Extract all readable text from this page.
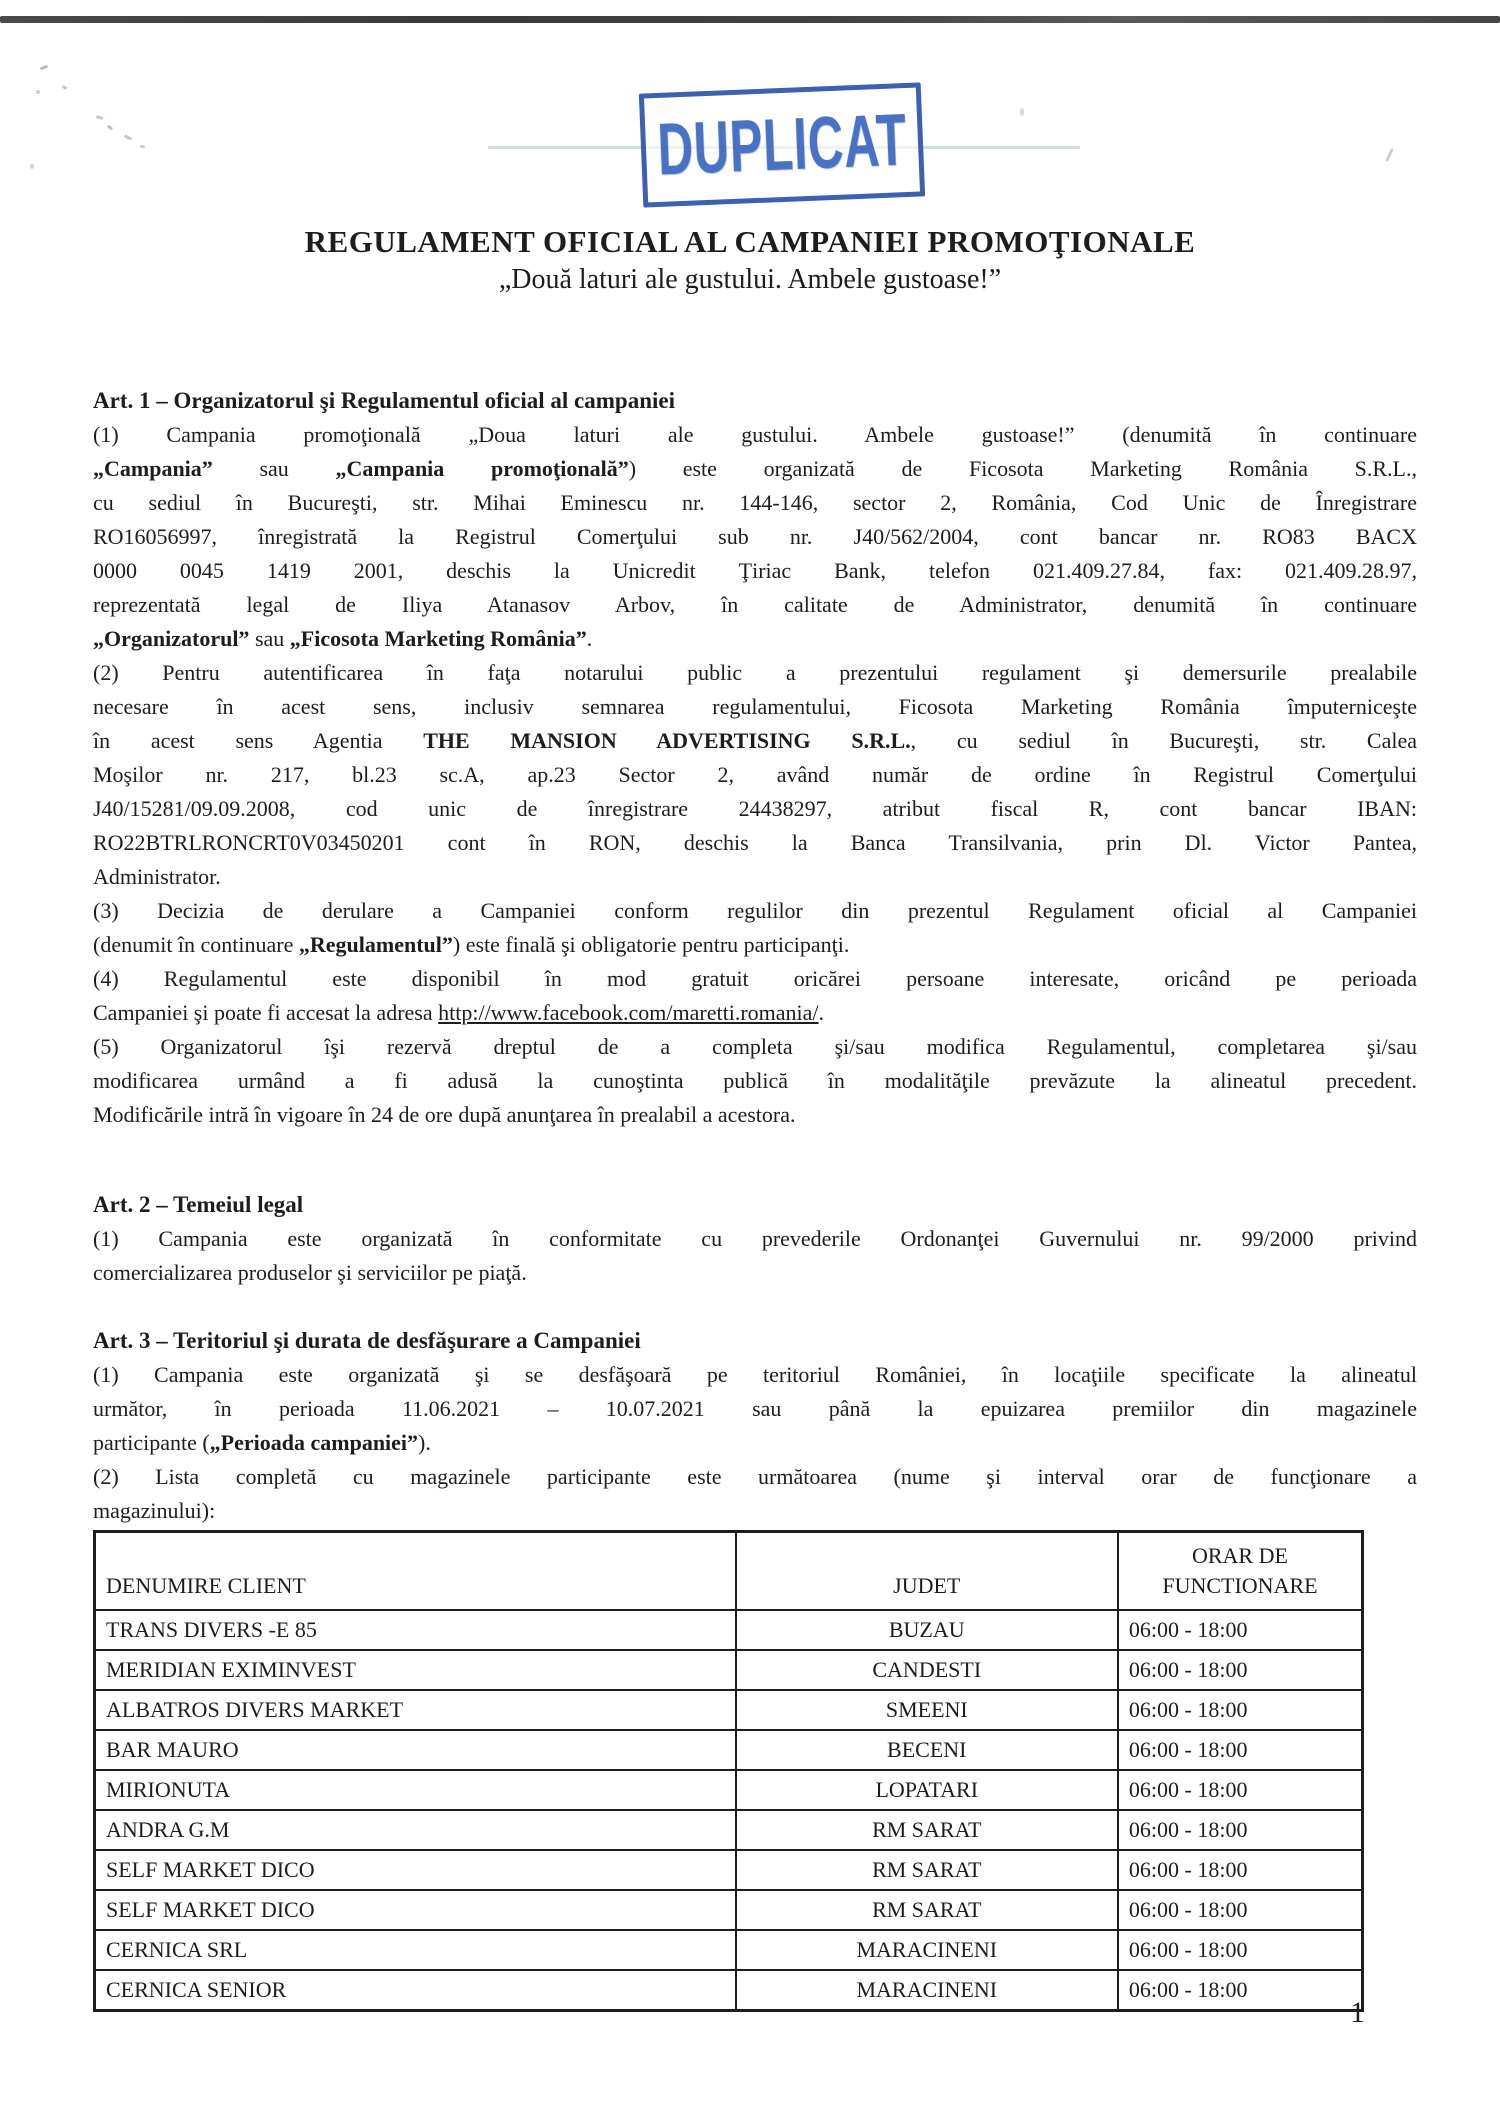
DUPLICAT
REGULAMENT OFICIAL AL CAMPANIEI PROMOŢIONALE
„Două laturi ale gustului. Ambele gustoase!”
Art. 1 – Organizatorul şi Regulamentul oficial al campaniei
(1) Campania promoţională „Doua laturi ale gustului. Ambele gustoase!” (denumită în continuare
„Campania” sau „Campania promoţională”) este organizată de Ficosota Marketing România S.R.L.,
cu sediul în Bucureşti, str. Mihai Eminescu nr. 144-146, sector 2, România, Cod Unic de Înregistrare
RO16056997, înregistrată la Registrul Comerţului sub nr. J40/562/2004, cont bancar nr. RO83 BACX
0000 0045 1419 2001, deschis la Unicredit Ţiriac Bank, telefon 021.409.27.84, fax: 021.409.28.97,
reprezentată legal de Iliya Atanasov Arbov, în calitate de Administrator, denumită în continuare
„Organizatorul” sau „Ficosota Marketing România”.
(2) Pentru autentificarea în faţa notarului public a prezentului regulament şi demersurile prealabile
necesare în acest sens, inclusiv semnarea regulamentului, Ficosota Marketing România împuterniceşte
în acest sens Agentia THE MANSION ADVERTISING S.R.L., cu sediul în Bucureşti, str. Calea
Moşilor nr. 217, bl.23 sc.A, ap.23 Sector 2, având număr de ordine în Registrul Comerţului
J40/15281/09.09.2008, cod unic de înregistrare 24438297, atribut fiscal R, cont bancar IBAN:
RO22BTRLRONCRT0V03450201 cont în RON, deschis la Banca Transilvania, prin Dl. Victor Pantea,
Administrator.
(3) Decizia de derulare a Campaniei conform regulilor din prezentul Regulament oficial al Campaniei
(denumit în continuare „Regulamentul”) este finală şi obligatorie pentru participanţi.
(4) Regulamentul este disponibil în mod gratuit oricărei persoane interesate, oricând pe perioada
Campaniei şi poate fi accesat la adresa http://www.facebook.com/maretti.romania/.
(5) Organizatorul îşi rezervă dreptul de a completa şi/sau modifica Regulamentul, completarea şi/sau
modificarea urmând a fi adusă la cunoştinta publică în modalităţile prevăzute la alineatul precedent.
Modificările intră în vigoare în 24 de ore după anunţarea în prealabil a acestora.
Art. 2 – Temeiul legal
(1) Campania este organizată în conformitate cu prevederile Ordonanţei Guvernului nr. 99/2000 privind
comercializarea produselor şi serviciilor pe piaţă.
Art. 3 – Teritoriul şi durata de desfăşurare a Campaniei
(1) Campania este organizată şi se desfăşoară pe teritoriul României, în locaţiile specificate la alineatul
următor, în perioada 11.06.2021 – 10.07.2021 sau până la epuizarea premiilor din magazinele
participante („Perioada campaniei”).
(2) Lista completă cu magazinele participante este următoarea (nume şi interval orar de funcţionare a
magazinului):
DENUMIRE CLIENT	JUDET	ORAR DE
FUNCTIONARE
TRANS DIVERS -E 85	BUZAU	06:00 - 18:00
MERIDIAN EXIMINVEST	CANDESTI	06:00 - 18:00
ALBATROS DIVERS MARKET	SMEENI	06:00 - 18:00
BAR MAURO	BECENI	06:00 - 18:00
MIRIONUTA	LOPATARI	06:00 - 18:00
ANDRA G.M	RM SARAT	06:00 - 18:00
SELF MARKET DICO	RM SARAT	06:00 - 18:00
SELF MARKET DICO	RM SARAT	06:00 - 18:00
CERNICA SRL	MARACINENI	06:00 - 18:00
CERNICA SENIOR	MARACINENI	06:00 - 18:00
1
